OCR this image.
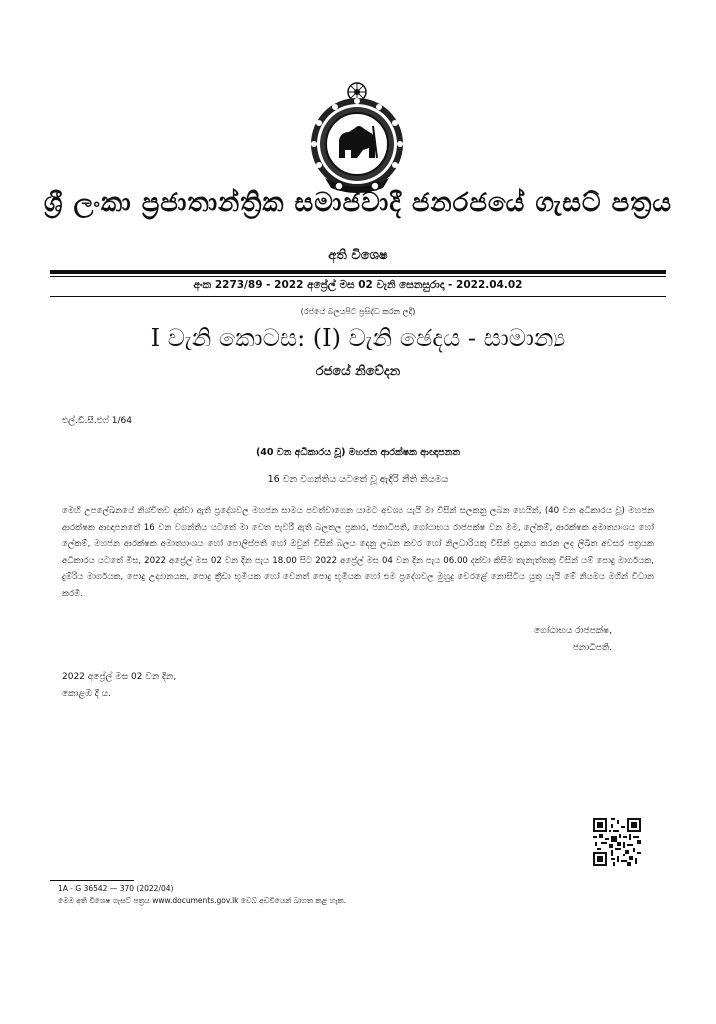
ශ්‍රී ලංකා ප්‍රජාතාන්ත්‍රික සමාජවාදී ජනරජයේ ගැසට් පත්‍රය
අති විශෙෂ
අංක 2273/89 - 2022 අප්‍රේල් මස 02 වැනි සෙනසුරාදා - 2022.04.02
(රජයේ බලයපිට ප්‍රසිද්ධ කරන ලදී)
I වැනි කොටස: (I) වැනි ඡෙදය - සාමාන්‍ය
රජයේ නිවේදන
එල්.ඩී.සී.එෆ් 1/64
(40 වන අධිකාරය වූ) මහජන ආරක්ෂක ආඥාපනත
16 වන වගන්තිය යටතේ වූ ඇඳිරි නීති නියමය
මෙහි උපලේඛනයේ නිශ්චිතව දක්වා ඇති ප්‍රදේශවල මහජන සාමය පවත්වාගෙන යාමට අවශ්‍ය යැයි මා විසින් සලකනු ලබන හෙයින්, (40 වන අධිකාරය වූ) මහජන ආරක්ෂක ආඥාපනතේ 16 වන වගන්තිය යටතේ මා වෙත පැවරී ඇති බලතල ප්‍රකාර, ජනාධිපති, ගෝඨාභය රාජපක්ෂ වන මම, ලේකම්, ආරක්ෂක අමාත්‍යාංශය හෝ ලේකම්, මහජන ආරක්ෂක අමාත්‍යාංශය හෝ පොලිස්පති හෝ ඔවුන් විසින් බලය දෙනු ලබන කවර හෝ නිලධාරියකු විසින් ප්‍රදානය කරන ලද ලිඛිත අවසර පත්‍රයක අධිකාරය යටතේ මිස, 2022 අප්‍රේල් මස 02 වන දින පැය 18.00 සිට 2022 අප්‍රේල් මස 04 වන දින පැය 06.00 දක්වා කිසිම තැනැත්තකු විසින් යම් පොදු මාර්ගයක, දුම්රිය මාර්ගයක, පොදු උද්‍යානයක, පොදු ක්‍රීඩා භූමියක හෝ වෙනත් පොදු භූමියක හෝ එම ප්‍රදේශවල මුහුදු වෙරළේ නොසිටිය යුතු යැයි මේ නියමය මගින් විධාන කරමි.
ගෝඨාභය රාජපක්ෂ,
ජනාධිපති.
2022 අප්‍රේල් මස 02 වන දින,
කොළඹ දී ය.
1A - G 36542 — 370 (2022/04)
මෙම අති විශෙෂ ගැසට් පත්‍රය www.documents.gov.lk වෙබ් අඩවියෙන් බාගත කළ හැක.
